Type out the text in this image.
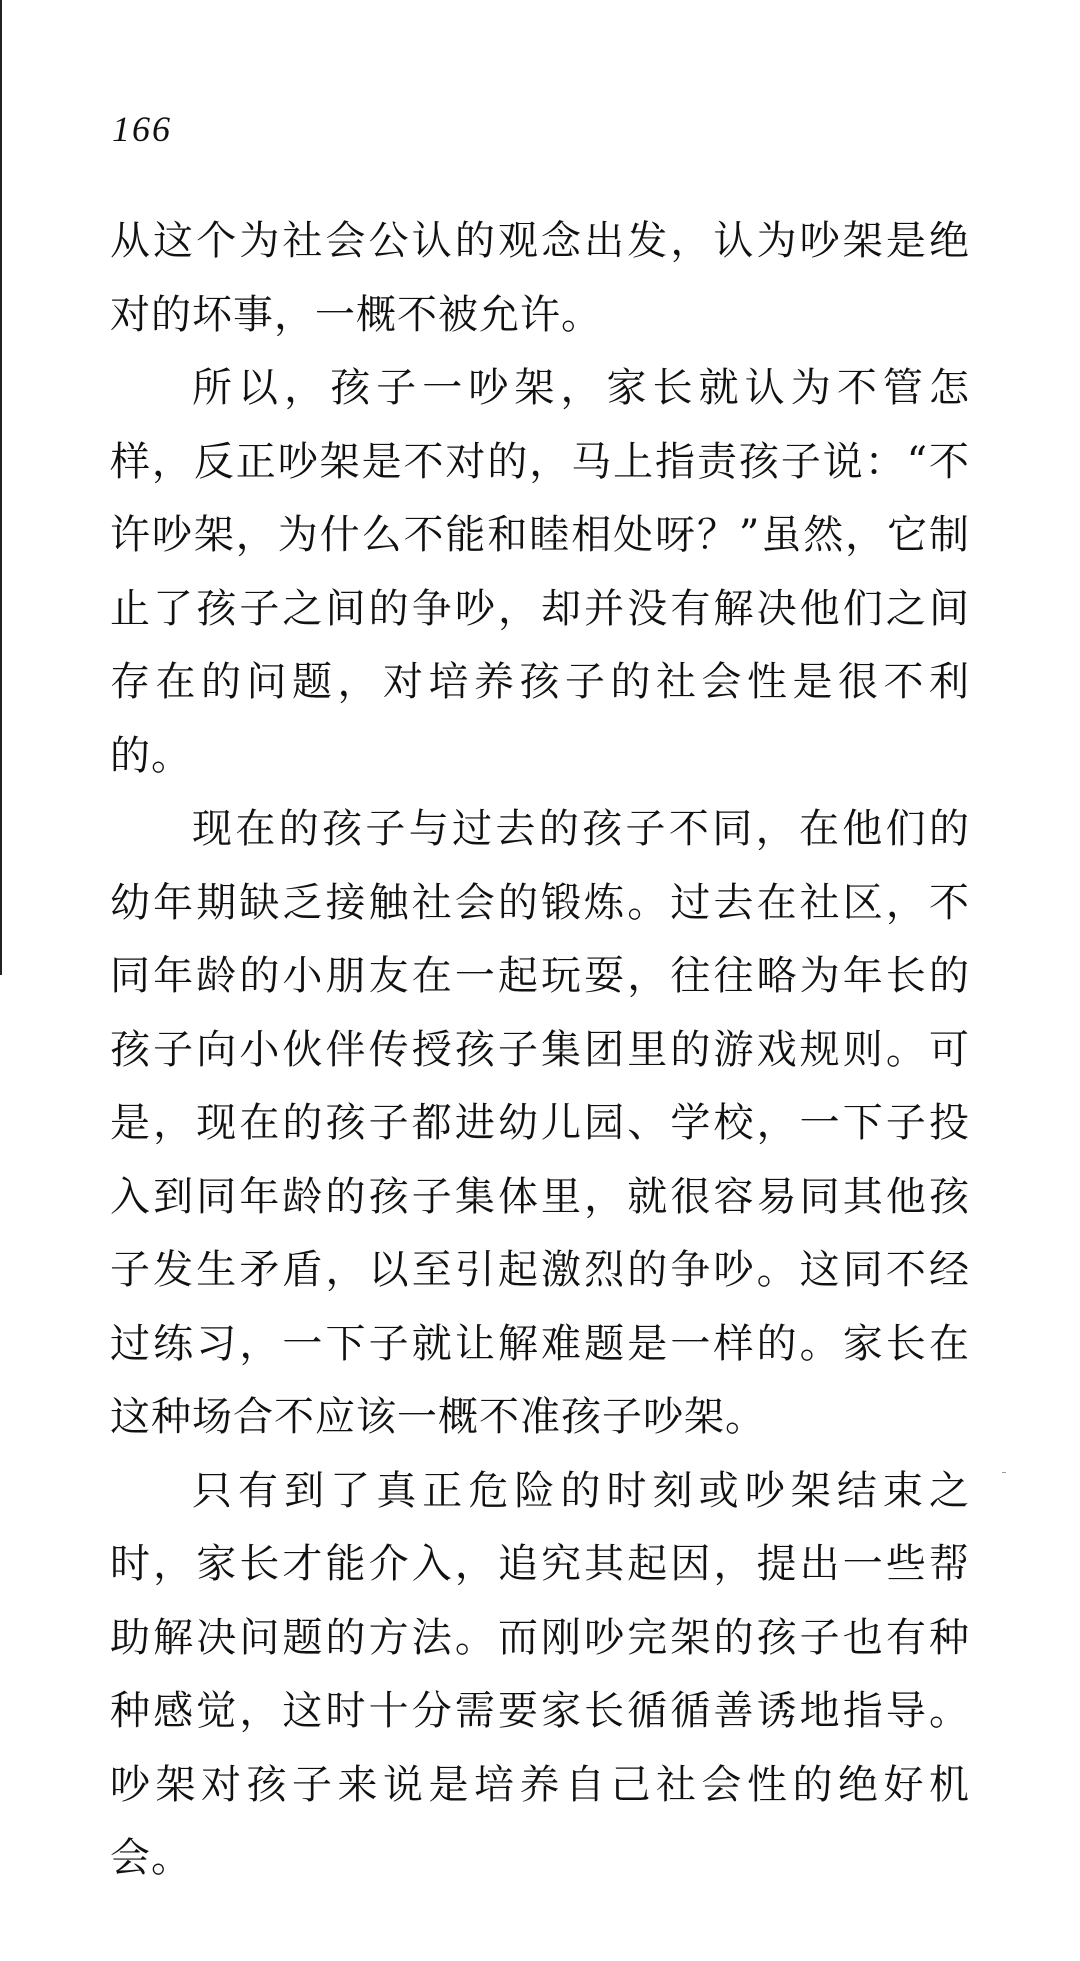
166

从这个为社会公认的观念出发，认为吵架是绝对的坏事，一概不被允许。

所以，孩子一吵架，家长就认为不管怎样，反正吵架是不对的，马上指责孩子说：“不许吵架，为什么不能和睦相处呀？”虽然，它制止了孩子之间的争吵，却并没有解决他们之间存在的问题，对培养孩子的社会性是很不利的。

现在的孩子与过去的孩子不同，在他们的幼年期缺乏接触社会的锻炼。过去在社区，不同年龄的小朋友在一起玩耍，往往略为年长的孩子向小伙伴传授孩子集团里的游戏规则。可是，现在的孩子都进幼儿园、学校，一下子投入到同年龄的孩子集体里，就很容易同其他孩子发生矛盾，以至引起激烈的争吵。这同不经过练习，一下子就让解难题是一样的。家长在这种场合不应该一概不准孩子吵架。

只有到了真正危险的时刻或吵架结束之时，家长才能介入，追究其起因，提出一些帮助解决问题的方法。而刚吵完架的孩子也有种种感觉，这时十分需要家长循循善诱地指导。吵架对孩子来说是培养自己社会性的绝好机会。
